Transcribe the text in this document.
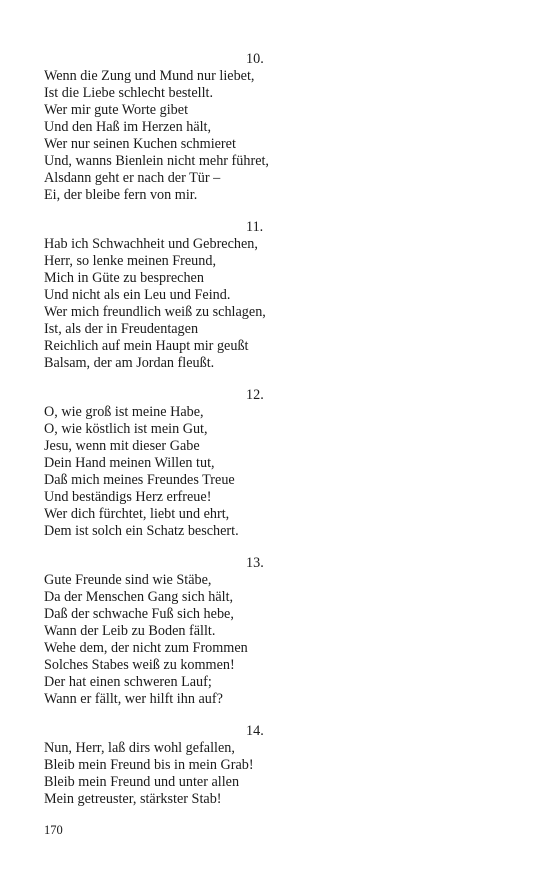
10.
Wenn die Zung und Mund nur liebet,
Ist die Liebe schlecht bestellt.
Wer mir gute Worte gibet
Und den Haß im Herzen hält,
Wer nur seinen Kuchen schmieret
Und, wanns Bienlein nicht mehr führet,
Alsdann geht er nach der Tür –
Ei, der bleibe fern von mir.
11.
Hab ich Schwachheit und Gebrechen,
Herr, so lenke meinen Freund,
Mich in Güte zu besprechen
Und nicht als ein Leu und Feind.
Wer mich freundlich weiß zu schlagen,
Ist, als der in Freudentagen
Reichlich auf mein Haupt mir geußt
Balsam, der am Jordan fleußt.
12.
O, wie groß ist meine Habe,
O, wie köstlich ist mein Gut,
Jesu, wenn mit dieser Gabe
Dein Hand meinen Willen tut,
Daß mich meines Freundes Treue
Und beständigs Herz erfreue!
Wer dich fürchtet, liebt und ehrt,
Dem ist solch ein Schatz beschert.
13.
Gute Freunde sind wie Stäbe,
Da der Menschen Gang sich hält,
Daß der schwache Fuß sich hebe,
Wann der Leib zu Boden fällt.
Wehe dem, der nicht zum Frommen
Solches Stabes weiß zu kommen!
Der hat einen schweren Lauf;
Wann er fällt, wer hilft ihn auf?
14.
Nun, Herr, laß dirs wohl gefallen,
Bleib mein Freund bis in mein Grab!
Bleib mein Freund und unter allen
Mein getreuster, stärkster Stab!
170
